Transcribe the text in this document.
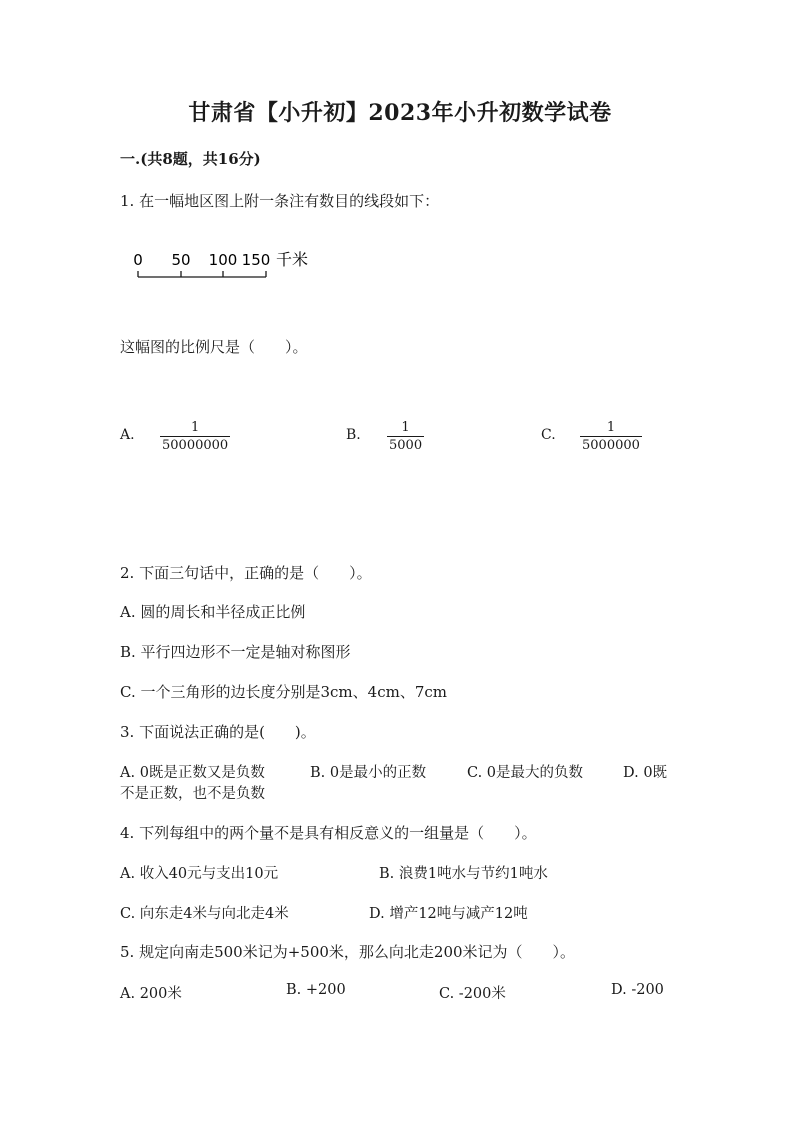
甘肃省【小升初】2023年小升初数学试卷
一.(共8题，共16分)
1. 在一幅地区图上附一条注有数目的线段如下：
0 50 100 150 千米
这幅图的比例尺是（　　）。
A.	1
50000000
B.	1
5000
C.	1
5000000
2. 下面三句话中，正确的是（　　）。
A. 圆的周长和半径成正比例
B. 平行四边形不一定是轴对称图形
C. 一个三角形的边长度分别是3cm、4cm、7cm
3. 下面说法正确的是(　　)。
A. 0既是正数又是负数	B. 0是最小的正数	C. 0是最大的负数	D. 0既
不是正数，也不是负数
4. 下列每组中的两个量不是具有相反意义的一组量是（　　）。
A. 收入40元与支出10元	B. 浪费1吨水与节约1吨水
C. 向东走4米与向北走4米	D. 增产12吨与减产12吨
5. 规定向南走500米记为+500米，那么向北走200米记为（　　）。
A. 200米	B. +200	C. -200米	D. -200
